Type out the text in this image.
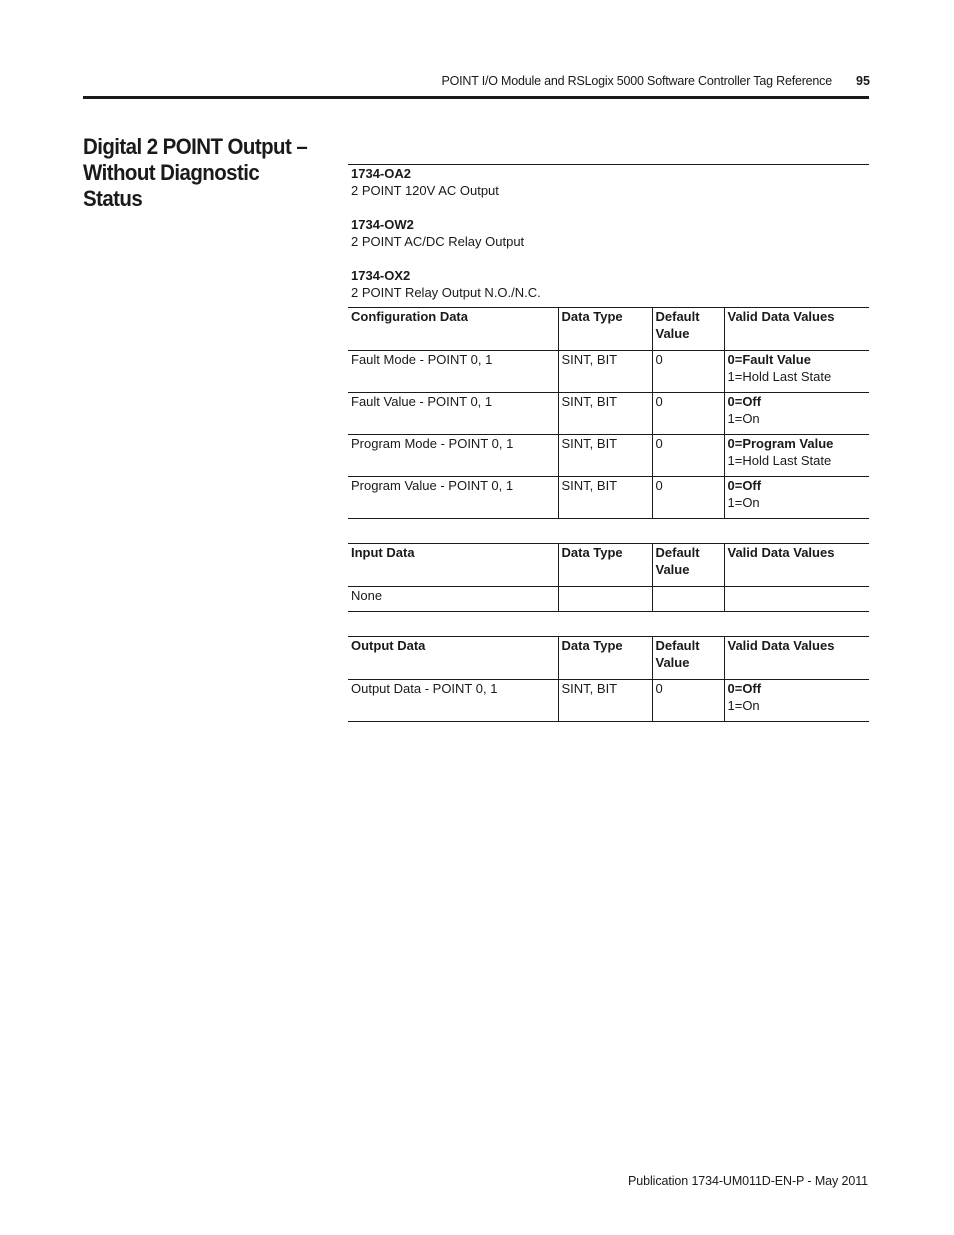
POINT I/O Module and RSLogix 5000 Software Controller Tag Reference 95
Digital 2 POINT Output –
Without Diagnostic Status
1734-OA2
2 POINT 120V AC Output
1734-OW2
2 POINT AC/DC Relay Output
1734-OX2
2 POINT Relay Output N.O./N.C.
Configuration Data	Data Type	Default Value	Valid Data Values
Fault Mode - POINT 0, 1	SINT, BIT	0	0=Fault Value
1=Hold Last State

Fault Value - POINT 0, 1	SINT, BIT	0	0=Off
1=On

Program Mode - POINT 0, 1	SINT, BIT	0	0=Program Value
1=Hold Last State

Program Value - POINT 0, 1	SINT, BIT	0	0=Off
1=On
Input Data	Data Type	Default Value	Valid Data Values
None			
Output Data	Data Type	Default Value	Valid Data Values
Output Data - POINT 0, 1	SINT, BIT	0	0=Off
1=On
Publication 1734-UM011D-EN-P - May 2011
